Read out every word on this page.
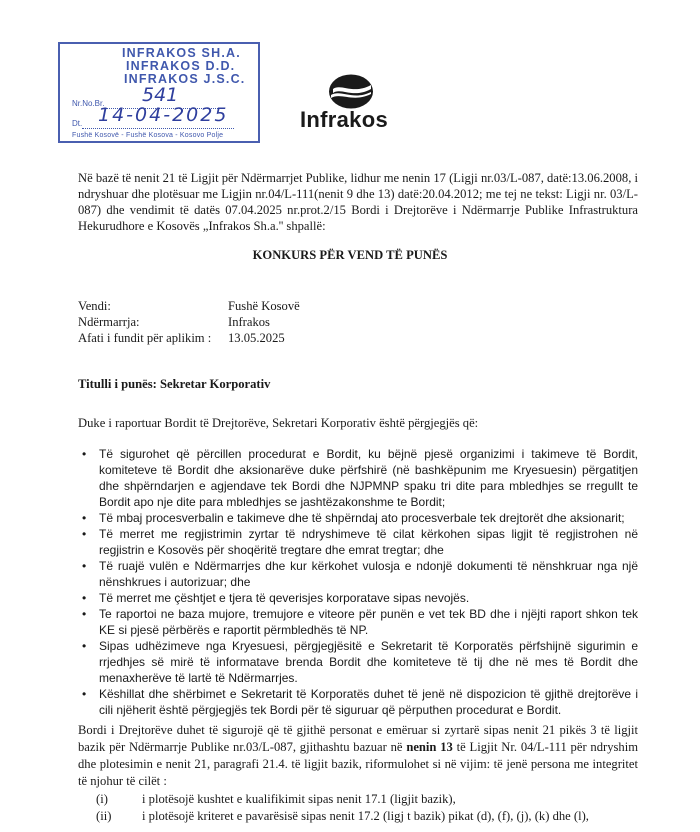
INFRAKOS SH.A.
INFRAKOS D.D.
INFRAKOS J.S.C.
Nr.No.Br. 541
Dt. 14-04-2025
Fushë Kosovë - Fushë Kosova - Kosovo Polje
Infrakos
Në bazë të nenit 21 të Ligjit për Ndërmarrjet Publike, lidhur me nenin 17 (Ligji nr.03/L-087, datë:13.06.2008, i ndryshuar dhe plotësuar me Ligjin nr.04/L-111(nenit 9 dhe 13) datë:20.04.2012; me tej ne tekst: Ligji nr. 03/L-087) dhe vendimit të datës 07.04.2025 nr.prot.2/15 Bordi i Drejtorëve i Ndërmarrje Publike Infrastruktura Hekurudhore e Kosovës „Infrakos Sh.a.'' shpallë:
KONKURS PËR VEND TË PUNËS
Vendi:	Fushë Kosovë
Ndërmarrja:	Infrakos
Afati i fundit për aplikim : 13.05.2025
Titulli i punës: Sekretar Korporativ
Duke i raportuar Bordit të Drejtorëve, Sekretari Korporativ është përgjegjës që:
• Të sigurohet që përcillen procedurat e Bordit, ku bëjnë pjesë organizimi i takimeve të Bordit, komiteteve të Bordit dhe aksionarëve duke përfshirë (në bashkëpunim me Kryesuesin) përgatitjen dhe shpërndarjen e agjendave tek Bordi dhe NJPMNP spaku tri dite para mbledhjes se rregullt te Bordit apo nje dite para mbledhjes se jashtëzakonshme te Bordit;
• Të mbaj procesverbalin e takimeve dhe të shpërndaj ato procesverbale tek drejtorët dhe aksionarit;
• Të merret me regjistrimin zyrtar të ndryshimeve të cilat kërkohen sipas ligjit të regjistrohen në regjistrin e Kosovës për shoqëritë tregtare dhe emrat tregtar; dhe
• Të ruajë vulën e Ndërmarrjes dhe kur kërkohet vulosja e ndonjë dokumenti të nënshkruar nga një nënshkrues i autorizuar; dhe
• Të merret me çështjet e tjera të qeverisjes korporatave sipas nevojës.
• Te raportoi ne baza mujore, tremujore e viteore për punën e vet tek BD dhe i njëjti raport shkon tek KE si pjesë përbërës e raportit përmbledhës të NP.
• Sipas udhëzimeve nga Kryesuesi, përgjegjësitë e Sekretarit të Korporatës përfshijnë sigurimin e rrjedhjes së mirë të informatave brenda Bordit dhe komiteteve të tij dhe në mes të Bordit dhe menaxherëve të lartë të Ndërmarrjes.
• Këshillat dhe shërbimet e Sekretarit të Korporatës duhet të jenë në dispozicion të gjithë drejtorëve i cili njëherit është përgjegjës tek Bordi për të siguruar që përputhen procedurat e Bordit.
Bordi i Drejtorëve duhet të sigurojë që të gjithë personat e emëruar si zyrtarë sipas nenit 21 pikës 3 të ligjit bazik për Ndërmarrje Publike nr.03/L-087, gjithashtu bazuar në nenin 13 të Ligjit Nr. 04/L-111 për ndryshim dhe plotesimin e nenit 21, paragrafi 21.4. të ligjit bazik, riformulohet si në vijim: të jenë persona me integritet të njohur të cilët :
(i)	i plotësojë kushtet e kualifikimit sipas nenit 17.1 (ligjit bazik),
(ii) i plotësojë kriteret e pavarësisë sipas nenit 17.2 (ligj t bazik) pikat (d), (f), (j), (k) dhe (l),
